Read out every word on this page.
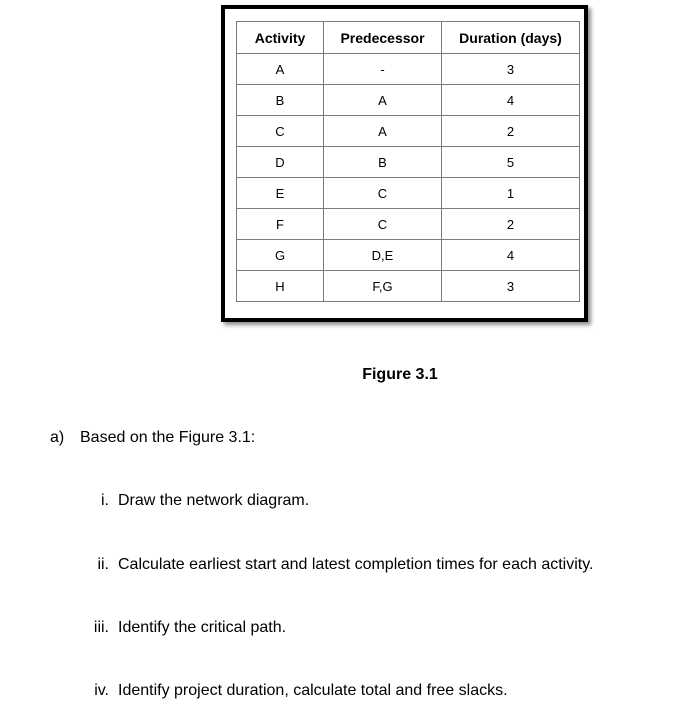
Activity	Predecessor	Duration (days)
A	-	3
B	A	4
C	A	2
D	B	5
E	C	1
F	C	2
G	D,E	4
H	F,G	3
Figure 3.1
a) Based on the Figure 3.1:
i. Draw the network diagram.
ii. Calculate earliest start and latest completion times for each activity.
iii. Identify the critical path.
iv. Identify project duration, calculate total and free slacks.
